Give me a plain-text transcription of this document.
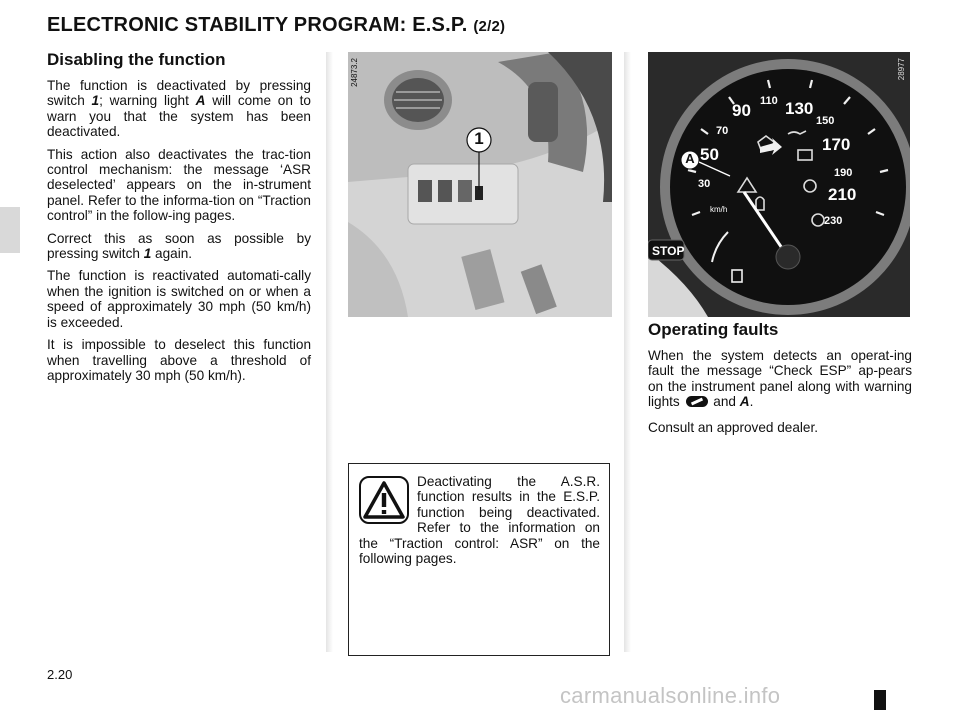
ELECTRONIC STABILITY PROGRAM: E.S.P. (2/2)
Disabling the function

The function is deactivated by pressing switch 1; warning light A will come on to warn you that the system has been deactivated.

This action also deactivates the trac-tion control mechanism: the message ‘ASR deselected’ appears on the in-strument panel. Refer to the informa-tion on “Traction control” in the follow-ing pages.

Correct this as soon as possible by pressing switch 1 again.

The function is reactivated automati-cally when the ignition is switched on or when a speed of approximately 30 mph (50 km/h) is exceeded.

It is impossible to deselect this function when travelling above a threshold of approximately 30 mph (50 km/h).

1
24873.2
30
50
70
90 110 130
150
170
190
210
230
km/h
STOP
A
28977
Operating faults

When the system detects an operat-ing fault the message “Check ESP” ap-pears on the instrument panel along with warning lights  and A.

Consult an approved dealer.

Deactivating the A.S.R. function results in the E.S.P. function being deactivated. Refer to the information on the “Traction control: ASR” on the following pages.

2.20
carmanualsonline.info
